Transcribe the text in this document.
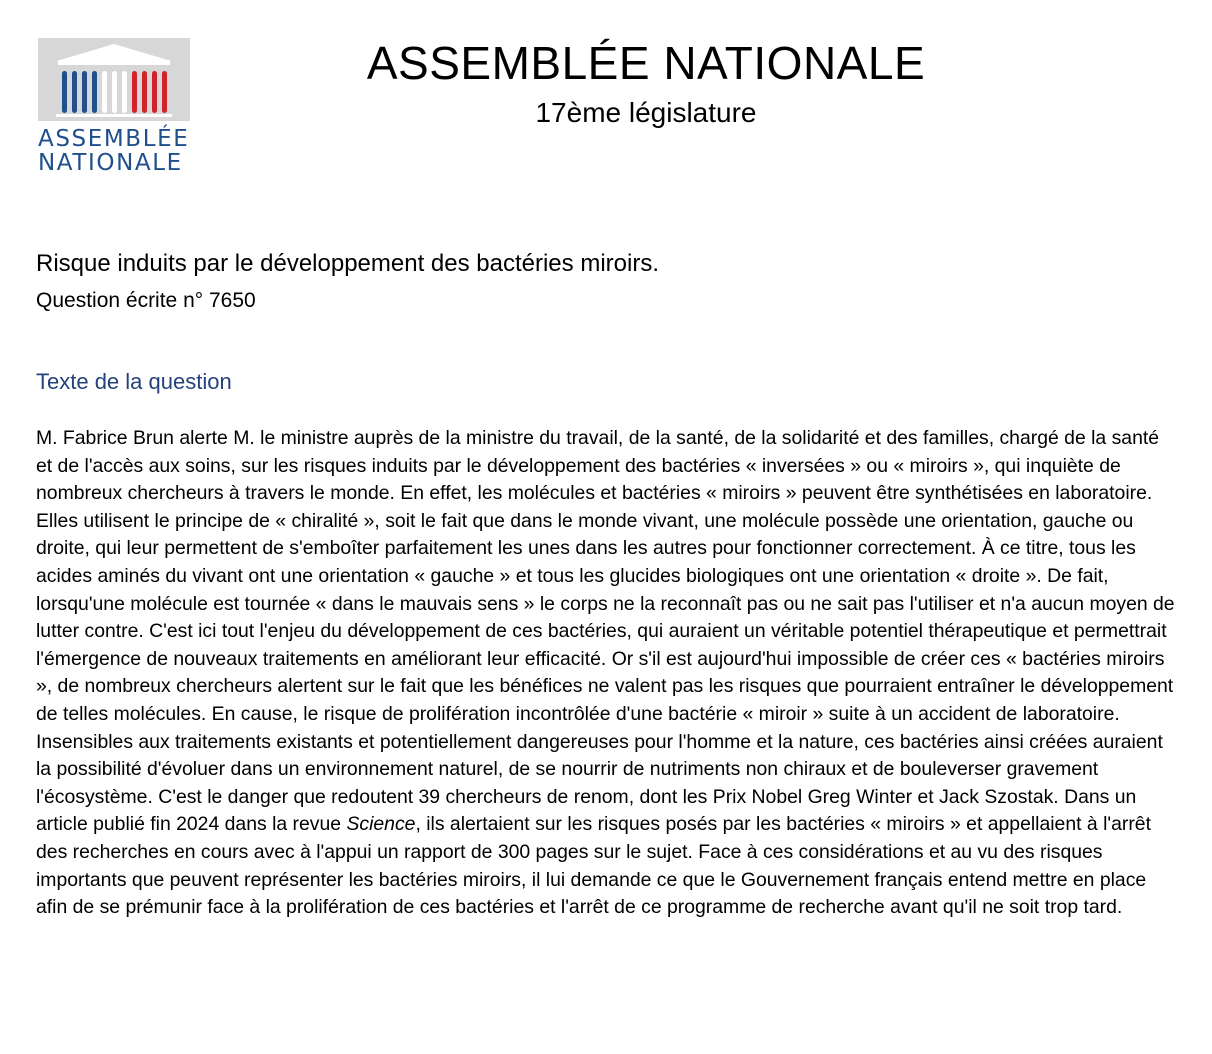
ASSEMBLÉE
NATIONALE
ASSEMBLÉE NATIONALE
17ème législature
Risque induits par le développement des bactéries miroirs.
Question écrite n° 7650
Texte de la question
M. Fabrice Brun alerte M. le ministre auprès de la ministre du travail, de la santé, de la solidarité et des familles, chargé de la santé et de l'accès aux soins, sur les risques induits par le développement des bactéries « inversées » ou « miroirs », qui inquiète de nombreux chercheurs à travers le monde. En effet, les molécules et bactéries « miroirs » peuvent être synthétisées en laboratoire. Elles utilisent le principe de « chiralité », soit le fait que dans le monde vivant, une molécule possède une orientation, gauche ou droite, qui leur permettent de s'emboîter parfaitement les unes dans les autres pour fonctionner correctement. À ce titre, tous les acides aminés du vivant ont une orientation « gauche » et tous les glucides biologiques ont une orientation « droite ». De fait, lorsqu'une molécule est tournée « dans le mauvais sens » le corps ne la reconnaît pas ou ne sait pas l'utiliser et n'a aucun moyen de lutter contre. C'est ici tout l'enjeu du développement de ces bactéries, qui auraient un véritable potentiel thérapeutique et permettrait l'émergence de nouveaux traitements en améliorant leur efficacité. Or s'il est aujourd'hui impossible de créer ces « bactéries miroirs », de nombreux chercheurs alertent sur le fait que les bénéfices ne valent pas les risques que pourraient entraîner le développement de telles molécules. En cause, le risque de prolifération incontrôlée d'une bactérie « miroir » suite à un accident de laboratoire. Insensibles aux traitements existants et potentiellement dangereuses pour l'homme et la nature, ces bactéries ainsi créées auraient la possibilité d'évoluer dans un environnement naturel, de se nourrir de nutriments non chiraux et de bouleverser gravement l'écosystème. C'est le danger que redoutent 39 chercheurs de renom, dont les Prix Nobel Greg Winter et Jack Szostak. Dans un article publié fin 2024 dans la revue Science, ils alertaient sur les risques posés par les bactéries « miroirs » et appellaient à l'arrêt des recherches en cours avec à l'appui un rapport de 300 pages sur le sujet. Face à ces considérations et au vu des risques importants que peuvent représenter les bactéries miroirs, il lui demande ce que le Gouvernement français entend mettre en place afin de se prémunir face à la prolifération de ces bactéries et l'arrêt de ce programme de recherche avant qu'il ne soit trop tard.
